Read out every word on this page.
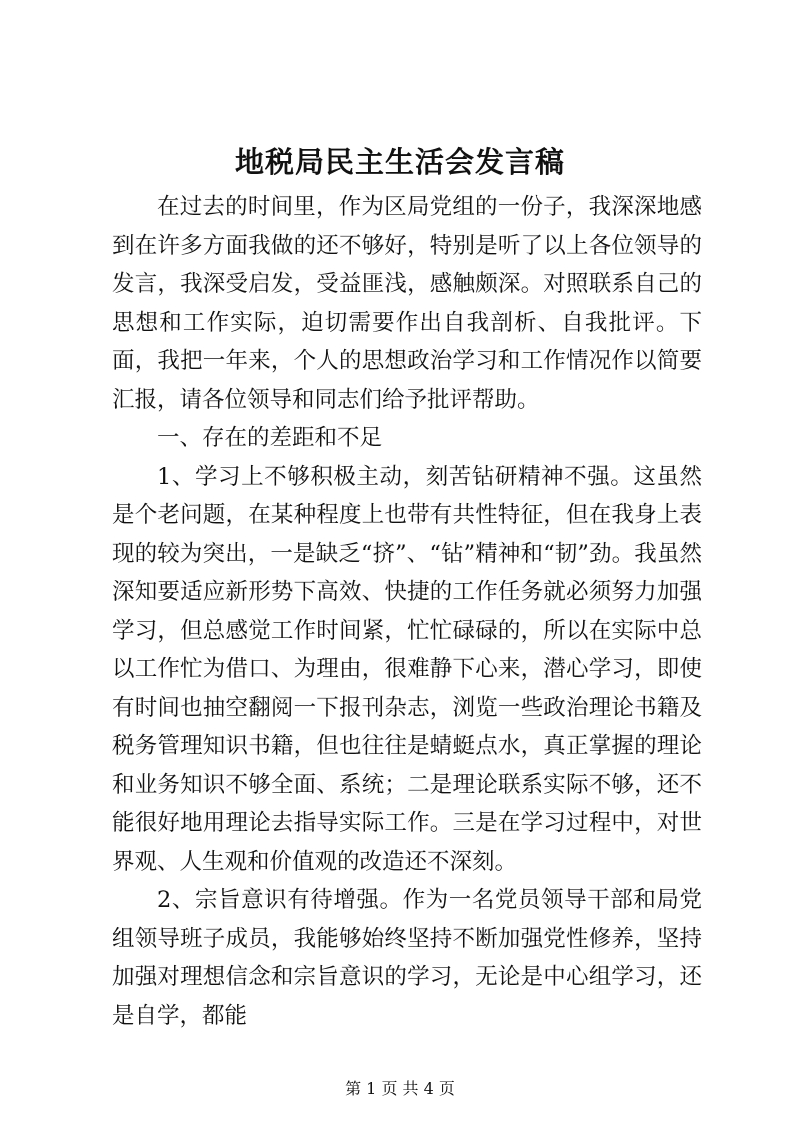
地税局民主生活会发言稿

在过去的时间里，作为区局党组的一份子，我深深地感到在许多方面我做的还不够好，特别是听了以上各位领导的发言，我深受启发，受益匪浅，感触颇深。对照联系自己的思想和工作实际，迫切需要作出自我剖析、自我批评。下面，我把一年来，个人的思想政治学习和工作情况作以简要汇报，请各位领导和同志们给予批评帮助。

一、存在的差距和不足

1、学习上不够积极主动，刻苦钻研精神不强。这虽然是个老问题，在某种程度上也带有共性特征，但在我身上表现的较为突出，一是缺乏“挤”、“钻”精神和“韧”劲。我虽然深知要适应新形势下高效、快捷的工作任务就必须努力加强学习，但总感觉工作时间紧，忙忙碌碌的，所以在实际中总以工作忙为借口、为理由，很难静下心来，潜心学习，即使有时间也抽空翻阅一下报刊杂志，浏览一些政治理论书籍及税务管理知识书籍，但也往往是蜻蜓点水，真正掌握的理论和业务知识不够全面、系统；二是理论联系实际不够，还不能很好地用理论去指导实际工作。三是在学习过程中，对世界观、人生观和价值观的改造还不深刻。

2、宗旨意识有待增强。作为一名党员领导干部和局党组领导班子成员，我能够始终坚持不断加强党性修养，坚持加强对理想信念和宗旨意识的学习，无论是中心组学习，还是自学，都能

第 1 页 共 4 页
